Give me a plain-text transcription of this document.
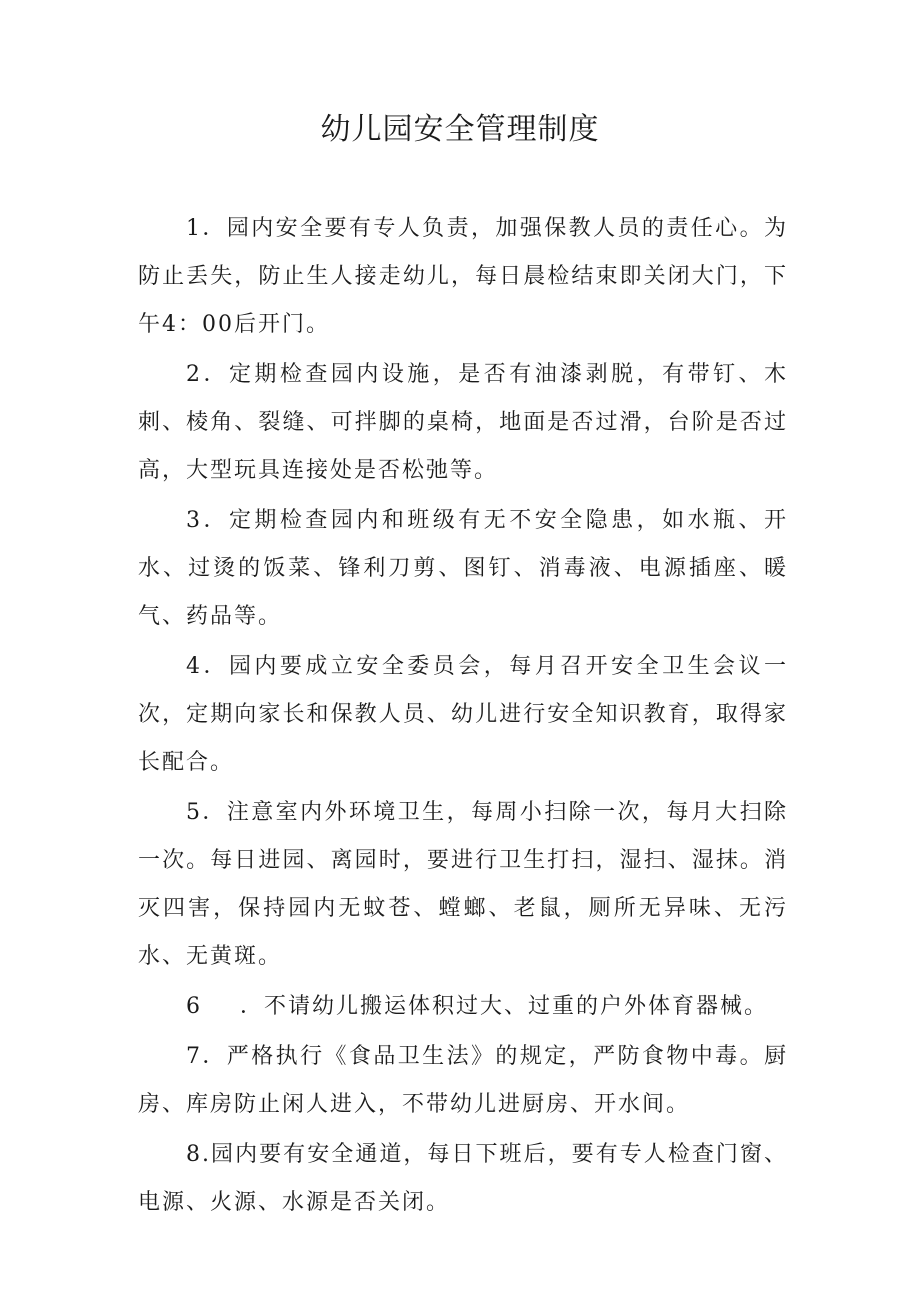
幼儿园安全管理制度

1．园内安全要有专人负责，加强保教人员的责任心。为防止丢失，防止生人接走幼儿，每日晨检结束即关闭大门，下午4：00后开门。

2．定期检查园内设施，是否有油漆剥脱，有带钉、木刺、棱角、裂缝、可拌脚的桌椅，地面是否过滑，台阶是否过高，大型玩具连接处是否松弛等。

3．定期检查园内和班级有无不安全隐患，如水瓶、开水、过烫的饭菜、锋利刀剪、图钉、消毒液、电源插座、暖气、药品等。

4．园内要成立安全委员会，每月召开安全卫生会议一次，定期向家长和保教人员、幼儿进行安全知识教育，取得家长配合。

5．注意室内外环境卫生，每周小扫除一次，每月大扫除一次。每日进园、离园时，要进行卫生打扫，湿扫、湿抹。消灭四害，保持园内无蚊苍、螳螂、老鼠，厕所无异味、无污水、无黄斑。

6 ．不请幼儿搬运体积过大、过重的户外体育器械。

7．严格执行《食品卫生法》的规定，严防食物中毒。厨房、库房防止闲人进入，不带幼儿进厨房、开水间。

8.园内要有安全通道，每日下班后，要有专人检查门窗、电源、火源、水源是否关闭。
